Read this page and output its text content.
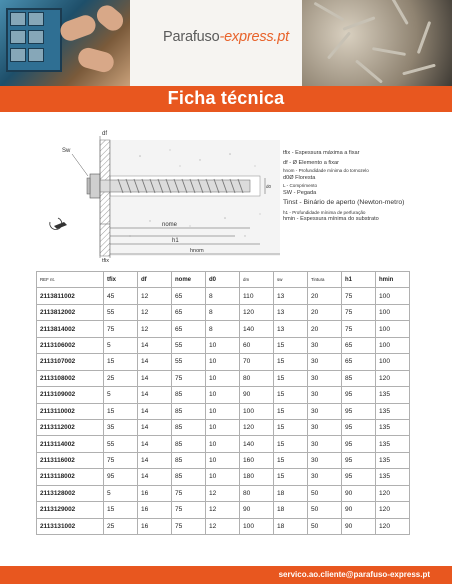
Parafuso-express.pt
Ficha técnica
Sw
df
nome
h1
hnom
tfix
d0
tfix - Espessura máxima a fixar
df - Ø Elemento a fixar
hnom - Profundidade mínima do tornozelo
d0Ø Floresta
L - Comprimento
SW - Pegada
Tinst - Binário de aperto (Newton-metro)
h1 - Profundidade mínima de perfuração
hmin - Espessura mínima do substrato
REF nt.	tfix	df	nome	d0	dm	sw	Tintura	h1	hmin
2113811002	45	12	65	8	110	13	20	75	100
2113812002	55	12	65	8	120	13	20	75	100
2113814002	75	12	65	8	140	13	20	75	100
2113106002	5	14	55	10	60	15	30	65	100
2113107002	15	14	55	10	70	15	30	65	100
2113108002	25	14	75	10	80	15	30	85	120
2113109002	5	14	85	10	90	15	30	95	135
2113110002	15	14	85	10	100	15	30	95	135
2113112002	35	14	85	10	120	15	30	95	135
2113114002	55	14	85	10	140	15	30	95	135
2113116002	75	14	85	10	160	15	30	95	135
2113118002	95	14	85	10	180	15	30	95	135
2113128002	5	16	75	12	80	18	50	90	120
2113129002	15	16	75	12	90	18	50	90	120
2113131002	25	16	75	12	100	18	50	90	120
servico.ao.cliente@parafuso-express.pt
